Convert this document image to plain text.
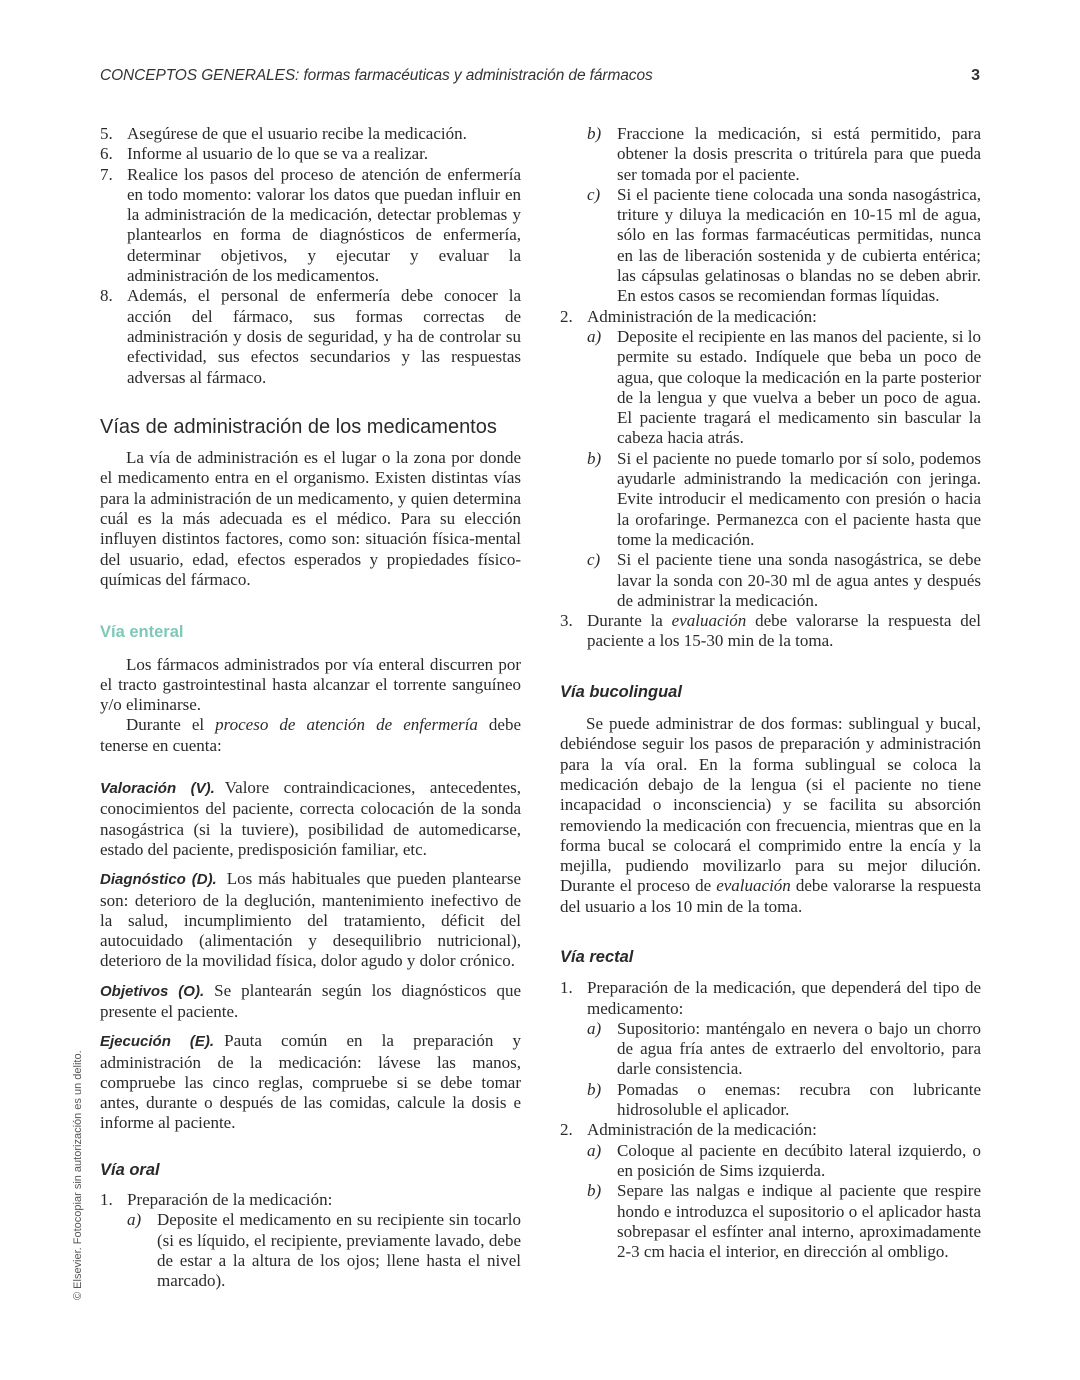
CONCEPTOS GENERALES: formas farmacéuticas y administración de fármacos	3
© Elsevier. Fotocopiar sin autorización es un delito.
5. Asegúrese de que el usuario recibe la medicación.
6. Informe al usuario de lo que se va a realizar.
7. Realice los pasos del proceso de atención de enfermería en todo momento: valorar los datos que puedan influir en la administración de la medicación, detectar problemas y plantearlos en forma de diagnósticos de enfermería, determinar objetivos, y ejecutar y evaluar la administración de los medicamentos.
8. Además, el personal de enfermería debe conocer la acción del fármaco, sus formas correctas de administración y dosis de seguridad, y ha de controlar su efectividad, sus efectos secundarios y las respuestas adversas al fármaco.
Vías de administración de los medicamentos

La vía de administración es el lugar o la zona por donde el medicamento entra en el organismo. Existen distintas vías para la administración de un medicamento, y quien determina cuál es la más adecuada es el médico. Para su elección influyen distintos factores, como son: situación física-mental del usuario, edad, efectos esperados y propiedades físico-químicas del fármaco.

Vía enteral

Los fármacos administrados por vía enteral discurren por el tracto gastrointestinal hasta alcanzar el torrente sanguíneo y/o eliminarse.

Durante el proceso de atención de enfermería debe tenerse en cuenta:

Valoración (V). Valore contraindicaciones, antecedentes, conocimientos del paciente, correcta colocación de la sonda nasogástrica (si la tuviere), posibilidad de automedicarse, estado del paciente, predisposición familiar, etc.

Diagnóstico (D). Los más habituales que pueden plantearse son: deterioro de la deglución, mantenimiento inefectivo de la salud, incumplimiento del tratamiento, déficit del autocuidado (alimentación y desequilibrio nutricional), deterioro de la movilidad física, dolor agudo y dolor crónico.

Objetivos (O). Se plantearán según los diagnósticos que presente el paciente.

Ejecución (E). Pauta común en la preparación y administración de la medicación: lávese las manos, compruebe las cinco reglas, compruebe si se debe tomar antes, durante o después de las comidas, calcule la dosis e informe al paciente.

Vía oral
1. Preparación de la medicación:
a) Deposite el medicamento en su recipiente sin tocarlo (si es líquido, el recipiente, previamente lavado, debe de estar a la altura de los ojos; llene hasta el nivel marcado).
b) Fraccione la medicación, si está permitido, para obtener la dosis prescrita o tritúrela para que pueda ser tomada por el paciente.
c) Si el paciente tiene colocada una sonda nasogástrica, triture y diluya la medicación en 10-15 ml de agua, sólo en las formas farmacéuticas permitidas, nunca en las de liberación sostenida y de cubierta entérica; las cápsulas gelatinosas o blandas no se deben abrir. En estos casos se recomiendan formas líquidas.
2. Administración de la medicación:
a) Deposite el recipiente en las manos del paciente, si lo permite su estado. Indíquele que beba un poco de agua, que coloque la medicación en la parte posterior de la lengua y que vuelva a beber un poco de agua. El paciente tragará el medicamento sin bascular la cabeza hacia atrás.
b) Si el paciente no puede tomarlo por sí solo, podemos ayudarle administrando la medicación con jeringa. Evite introducir el medicamento con presión o hacia la orofaringe. Permanezca con el paciente hasta que tome la medicación.
c) Si el paciente tiene una sonda nasogástrica, se debe lavar la sonda con 20-30 ml de agua antes y después de administrar la medicación.
3. Durante la evaluación debe valorarse la respuesta del paciente a los 15-30 min de la toma.
Vía bucolingual

Se puede administrar de dos formas: sublingual y bucal, debiéndose seguir los pasos de preparación y administración para la vía oral. En la forma sublingual se coloca la medicación debajo de la lengua (si el paciente no tiene incapacidad o inconsciencia) y se facilita su absorción removiendo la medicación con frecuencia, mientras que en la forma bucal se colocará el comprimido entre la encía y la mejilla, pudiendo movilizarlo para su mejor dilución. Durante el proceso de evaluación debe valorarse la respuesta del usuario a los 10 min de la toma.

Vía rectal
1. Preparación de la medicación, que dependerá del tipo de medicamento:
a) Supositorio: manténgalo en nevera o bajo un chorro de agua fría antes de extraerlo del envoltorio, para darle consistencia.
b) Pomadas o enemas: recubra con lubricante hidrosoluble el aplicador.
2. Administración de la medicación:
a) Coloque al paciente en decúbito lateral izquierdo, o en posición de Sims izquierda.
b) Separe las nalgas e indique al paciente que respire hondo e introduzca el supositorio o el aplicador hasta sobrepasar el esfínter anal interno, aproximadamente 2-3 cm hacia el interior, en dirección al ombligo.
